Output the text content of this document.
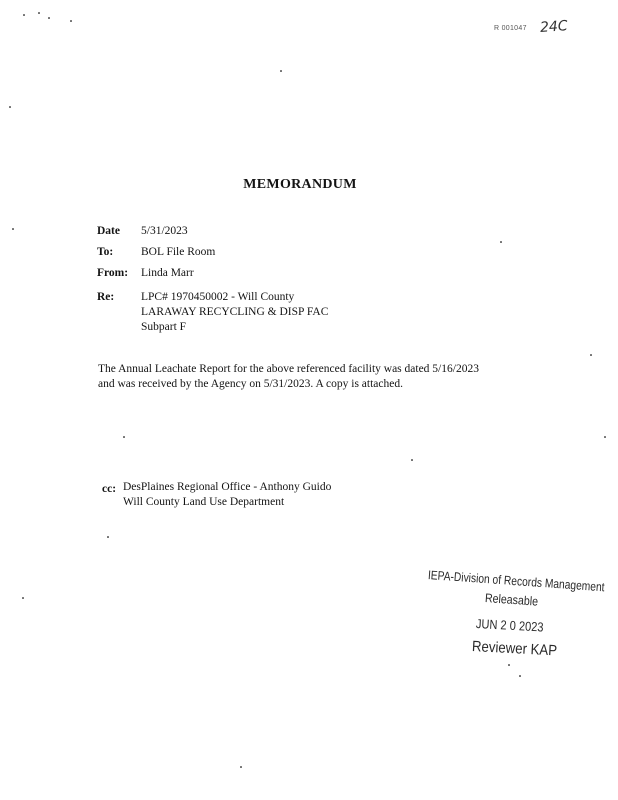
R 001047 24C
MEMORANDUM
Date 5/31/2023
To: BOL File Room
From: Linda Marr
Re: LPC# 1970450002 - Will County
LARAWAY RECYCLING & DISP FAC
Subpart F
The Annual Leachate Report for the above referenced facility was dated 5/16/2023
and was received by the Agency on 5/31/2023. A copy is attached.
cc: DesPlaines Regional Office - Anthony Guido
Will County Land Use Department
IEPA-Division of Records Management
Releasable
JUN 2 0 2023
Reviewer KAP
